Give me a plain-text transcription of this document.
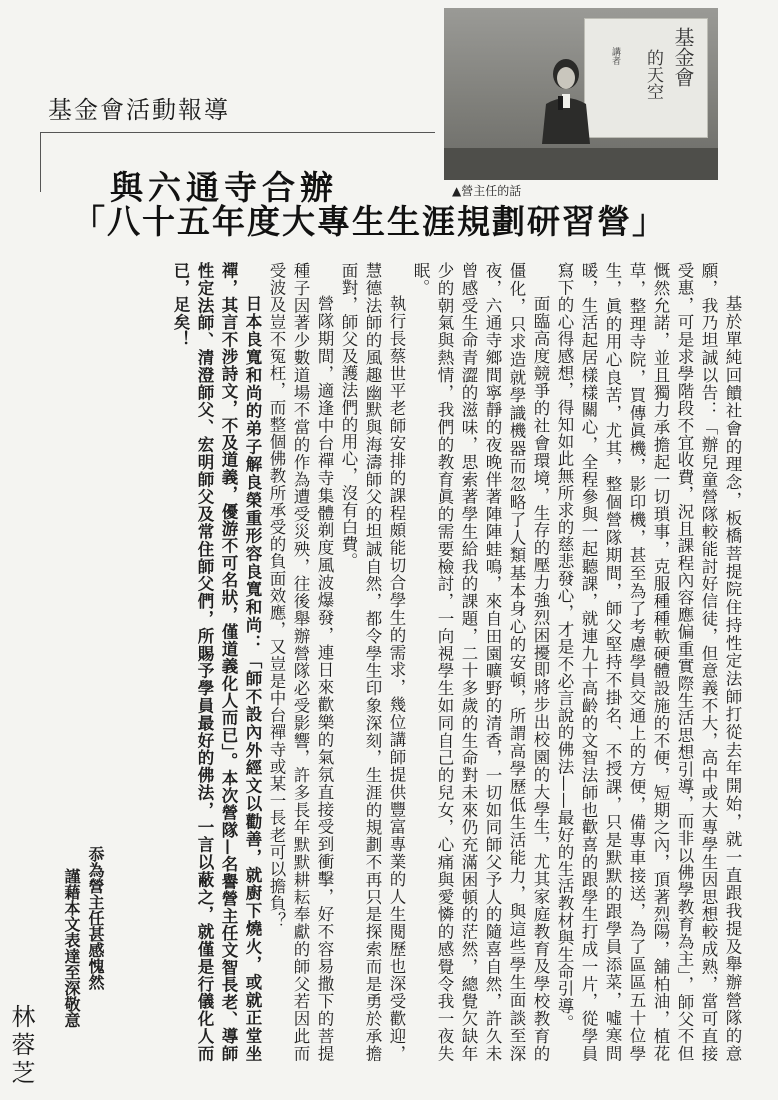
基金會活動報導
基金會
的天空
講者
▲營主任的話
與六通寺合辦
「八十五年度大專生生涯規劃研習營」

基於單純回饋社會的理念，板橋菩提院住持性定法師打從去年開始，就一直跟我提及舉辦營隊的意願，我乃坦誠以告：「辦兒童營隊較能討好信徒，但意義不大，高中或大專學生因思想較成熟，當可直接受惠，可是求學階段不宜收費，況且課程內容應偏重實際生活思想引導，而非以佛學教育為主」，師父不但慨然允諾，並且獨力承擔起一切瑣事，克服種種軟硬體設施的不便，短期之內，頂著烈陽，舖柏油，植花草，整理寺院，買傳眞機，影印機，甚至為了考慮學員交通上的方便，備專車接送，為了區區五十位學生，眞的用心良苦，尤其，整個營隊期間，師父堅持不掛名、不授課，只是默默的跟學員添菜，噓寒問暖，生活起居樣樣關心，全程參與一起聽課，就連九十高齡的文智法師也歡喜的跟學生打成一片，從學員寫下的心得感想，得知如此無所求的慈悲發心，才是不必言說的佛法——最好的生活教材與生命引導。

面臨高度競爭的社會環境，生存的壓力強烈困擾即將步出校園的大學生，尤其家庭教育及學校教育的僵化，只求造就學識機器而忽略了人類基本身心的安頓，所謂高學歷低生活能力，與這些學生面談至深夜，六通寺鄉間寧靜的夜晚伴著陣陣蛙鳴，來自田園曠野的清香，一切如同師父予人的隨喜自然，許久未曾感受生命青澀的滋味，思索著學生給我的課題，二十多歲的生命對未來仍充滿困頓的茫然，總覺欠缺年少的朝氣與熱情，我們的教育眞的需要檢討，一向視學生如同自己的兒女，心痛與愛憐的感覺令我一夜失眠。

執行長蔡世平老師安排的課程頗能切合學生的需求，幾位講師提供豐富專業的人生閱歷也深受歡迎，慧德法師的風趣幽默與海濤師父的坦誠自然，都令學生印象深刻，生涯的規劃不再只是探索而是勇於承擔面對，師父及護法們的用心，沒有白費。

營隊期間，適逢中台禪寺集體剃度風波爆發，連日來歡樂的氣氛直接受到衝擊，好不容易撒下的菩提種子因著少數道場不當的作為遭受災殃，往後舉辦營隊必受影響，許多長年默默耕耘奉獻的師父若因此而受波及豈不冤枉，而整個佛教所承受的負面效應，又豈是中台禪寺或某一長老可以擔負？

日本良寬和尚的弟子解良榮重形容良寬和尚：「師不設內外經文以勸善，就廚下燒火，或就正堂坐禪，其言不涉詩文，不及道義，優游不可名狀，僅道義化人而已」。本次營隊—名譽營主任文智長老、導師性定法師、清澄師父、宏明師父及常住師父們，所賜予學員最好的佛法，一言以蔽之，就僅是行儀化人而已，足矣！

忝為營主任甚感愧然
謹藉本文表達至深敬意
林蓉芝
